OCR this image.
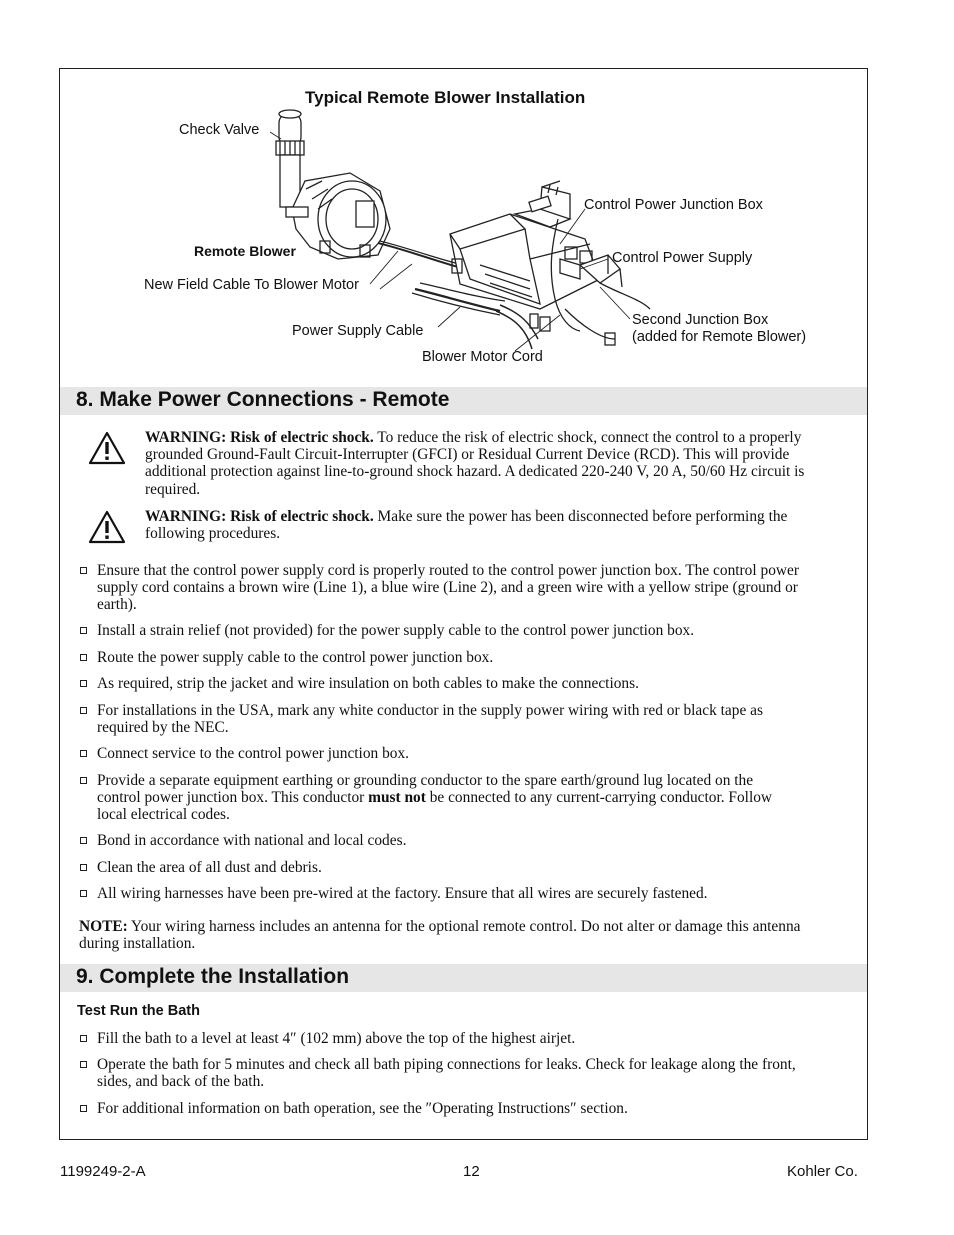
Typical Remote Blower Installation
Check Valve
Remote Blower
New Field Cable To Blower Motor
Power Supply Cable
Blower Motor Cord
Control Power Junction Box
Control Power Supply
Second Junction Box
(added for Remote Blower)
8. Make Power Connections - Remote
WARNING: Risk of electric shock. To reduce the risk of electric shock, connect the control to a properly grounded Ground-Fault Circuit-Interrupter (GFCI) or Residual Current Device (RCD). This will provide additional protection against line-to-ground shock hazard. A dedicated 220-240 V, 20 A, 50/60 Hz circuit is required.
WARNING: Risk of electric shock. Make sure the power has been disconnected before performing the following procedures.
Ensure that the control power supply cord is properly routed to the control power junction box. The control power supply cord contains a brown wire (Line 1), a blue wire (Line 2), and a green wire with a yellow stripe (ground or earth).
Install a strain relief (not provided) for the power supply cable to the control power junction box.
Route the power supply cable to the control power junction box.
As required, strip the jacket and wire insulation on both cables to make the connections.
For installations in the USA, mark any white conductor in the supply power wiring with red or black tape as required by the NEC.
Connect service to the control power junction box.
Provide a separate equipment earthing or grounding conductor to the spare earth/ground lug located on the control power junction box. This conductor must not be connected to any current-carrying conductor. Follow local electrical codes.
Bond in accordance with national and local codes.
Clean the area of all dust and debris.
All wiring harnesses have been pre-wired at the factory. Ensure that all wires are securely fastened.
NOTE: Your wiring harness includes an antenna for the optional remote control. Do not alter or damage this antenna during installation.
9. Complete the Installation
Test Run the Bath
Fill the bath to a level at least 4″ (102 mm) above the top of the highest airjet.
Operate the bath for 5 minutes and check all bath piping connections for leaks. Check for leakage along the front, sides, and back of the bath.
For additional information on bath operation, see the ″Operating Instructions″ section.
1199249-2-A	12	Kohler Co.
